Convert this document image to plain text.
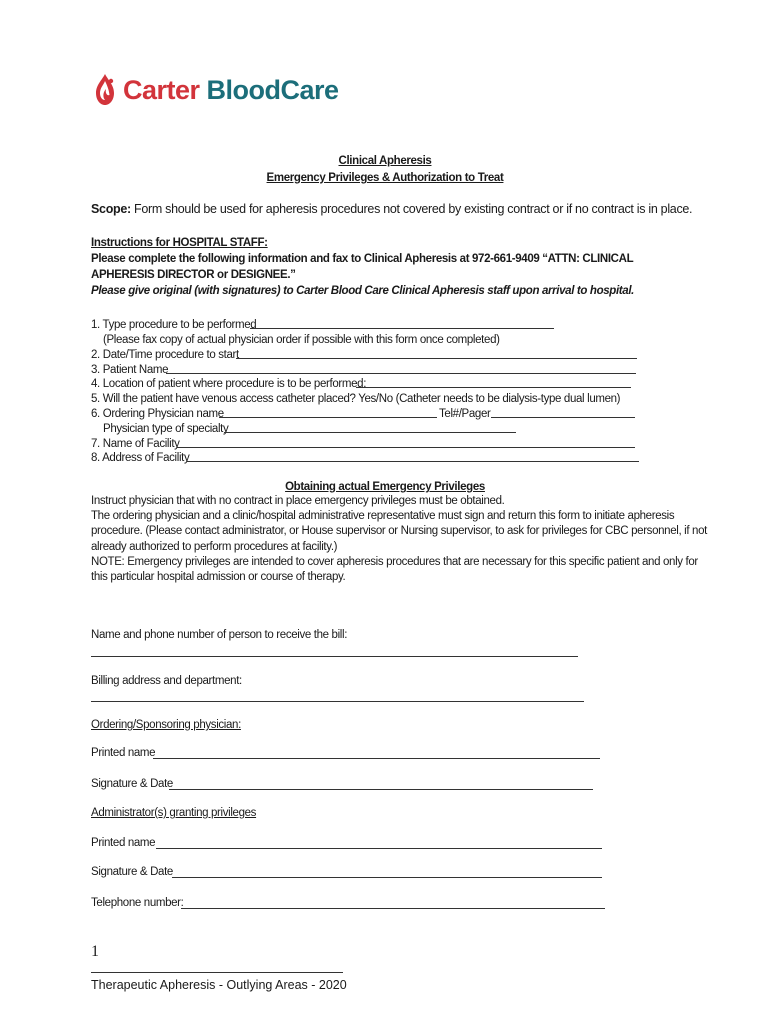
Carter BloodCare
Clinical Apheresis
Emergency Privileges & Authorization to Treat
Scope: Form should be used for apheresis procedures not covered by existing contract or if no contract is in place.
Instructions for HOSPITAL STAFF:
Please complete the following information and fax to Clinical Apheresis at 972-661-9409 “ATTN: CLINICAL
APHERESIS DIRECTOR or DESIGNEE.”
Please give original (with signatures) to Carter Blood Care Clinical Apheresis staff upon arrival to hospital.
1. Type procedure to be performed
(Please fax copy of actual physician order if possible with this form once completed)
2. Date/Time procedure to start
3. Patient Name
4. Location of patient where procedure is to be performed:
5. Will the patient have venous access catheter placed? Yes/No (Catheter needs to be dialysis-type dual lumen)
6. Ordering Physician name	Tel#/Pager
Physician type of specialty
7. Name of Facility
8. Address of Facility
Obtaining actual Emergency Privileges
Instruct physician that with no contract in place emergency privileges must be obtained.
The ordering physician and a clinic/hospital administrative representative must sign and return this form to initiate apheresis
procedure. (Please contact administrator, or House supervisor or Nursing supervisor, to ask for privileges for CBC personnel, if not
already authorized to perform procedures at facility.)
NOTE: Emergency privileges are intended to cover apheresis procedures that are necessary for this specific patient and only for
this particular hospital admission or course of therapy.
Name and phone number of person to receive the bill:
Billing address and department:
Ordering/Sponsoring physician:
Printed name
Signature & Date
Administrator(s) granting privileges
Printed name
Signature & Date
Telephone number:
1
Therapeutic Apheresis - Outlying Areas - 2020
